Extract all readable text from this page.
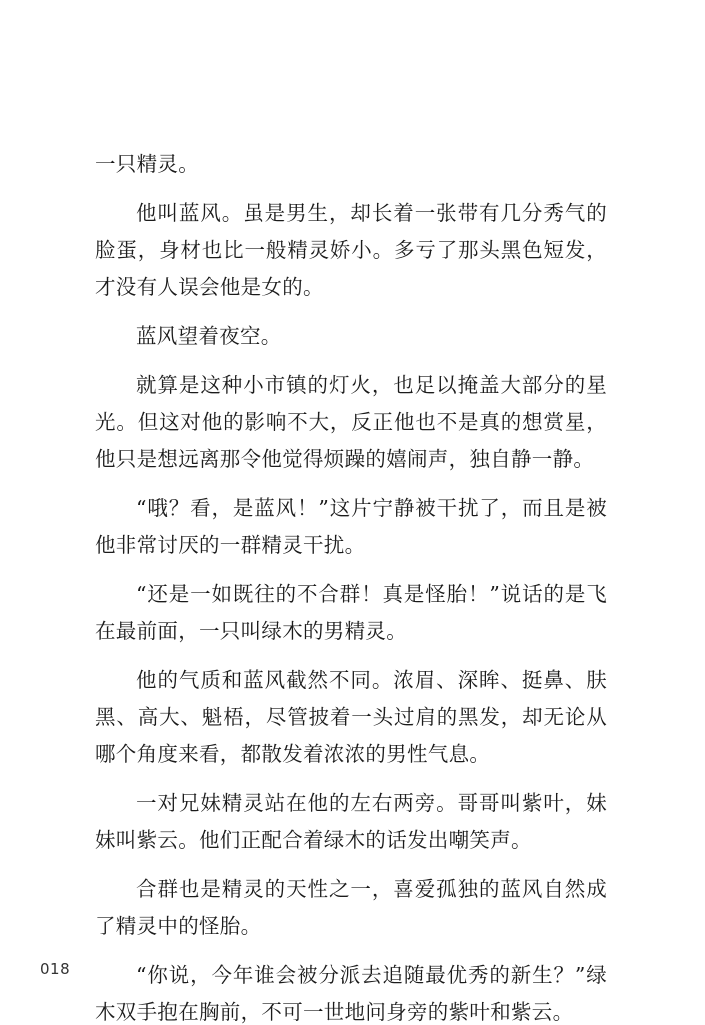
一只精灵。

他叫蓝风。虽是男生，却长着一张带有几分秀气的脸蛋，身材也比一般精灵娇小。多亏了那头黑色短发，才没有人误会他是女的。

蓝风望着夜空。

就算是这种小市镇的灯火，也足以掩盖大部分的星光。但这对他的影响不大，反正他也不是真的想赏星，他只是想远离那令他觉得烦躁的嬉闹声，独自静一静。

“哦？看，是蓝风！”这片宁静被干扰了，而且是被他非常讨厌的一群精灵干扰。

“还是一如既往的不合群！真是怪胎！”说话的是飞在最前面，一只叫绿木的男精灵。

他的气质和蓝风截然不同。浓眉、深眸、挺鼻、肤黑、高大、魁梧，尽管披着一头过肩的黑发，却无论从哪个角度来看，都散发着浓浓的男性气息。

一对兄妹精灵站在他的左右两旁。哥哥叫紫叶，妹妹叫紫云。他们正配合着绿木的话发出嘲笑声。

合群也是精灵的天性之一，喜爱孤独的蓝风自然成了精灵中的怪胎。

“你说，今年谁会被分派去追随最优秀的新生？”绿木双手抱在胸前，不可一世地问身旁的紫叶和紫云。

018
